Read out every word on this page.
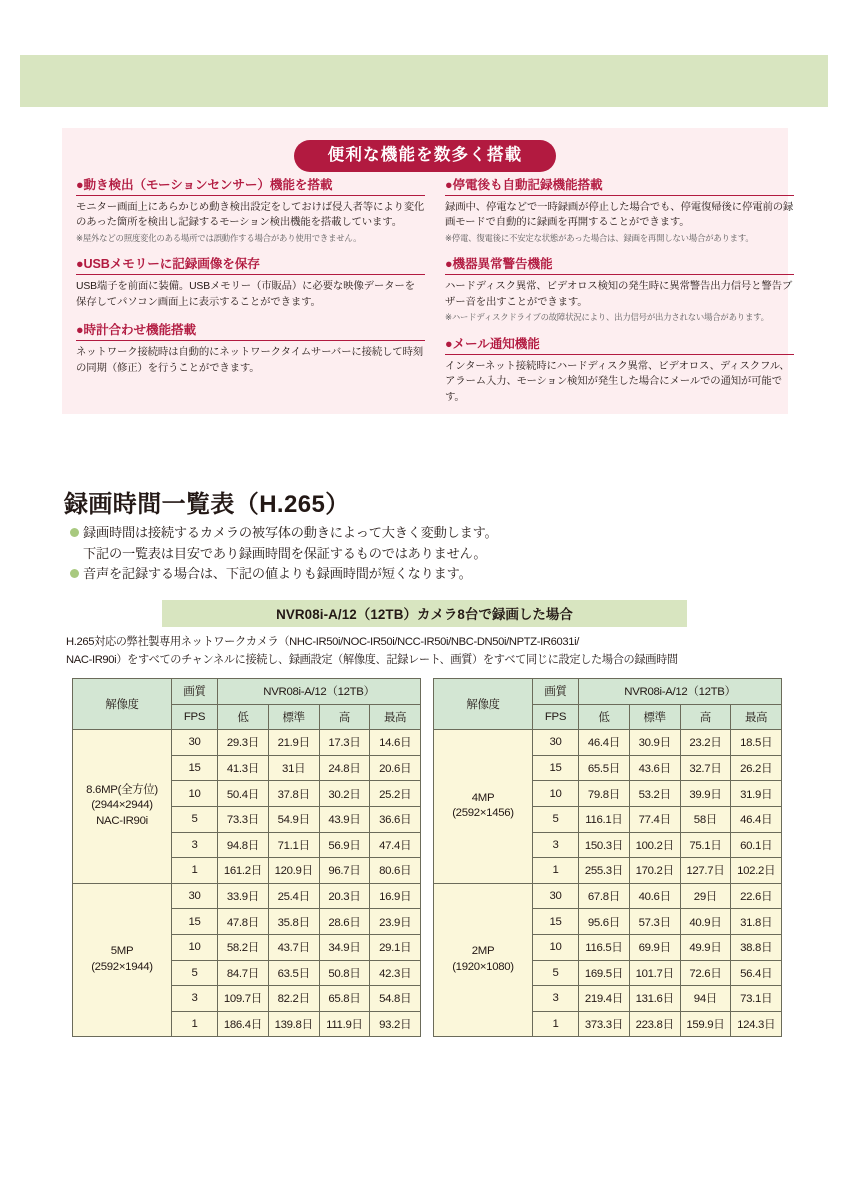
便利な機能を数多く搭載
●動き検出（モーションセンサー）機能を搭載
モニター画面上にあらかじめ動き検出設定をしておけば侵入者等により変化のあった箇所を検出し記録するモーション検出機能を搭載しています。
※屋外などの照度変化のある場所では誤動作する場合があり使用できません。
●USBメモリーに記録画像を保存
USB端子を前面に装備。USBメモリー（市販品）に必要な映像データーを保存してパソコン画面上に表示することができます。
●時計合わせ機能搭載
ネットワーク接続時は自動的にネットワークタイムサーバーに接続して時刻の同期（修正）を行うことができます。
●停電後も自動記録機能搭載
録画中、停電などで一時録画が停止した場合でも、停電復帰後に停電前の録画モードで自動的に録画を再開することができます。
※停電、復電後に不安定な状態があった場合は、録画を再開しない場合があります。
●機器異常警告機能
ハードディスク異常、ビデオロス検知の発生時に異常警告出力信号と警告ブザー音を出すことができます。
※ハードディスクドライブの故障状況により、出力信号が出力されない場合があります。
●メール通知機能
インターネット接続時にハードディスク異常、ビデオロス、ディスクフル、アラーム入力、モーション検知が発生した場合にメールでの通知が可能です。
録画時間一覧表（H.265）
録画時間は接続するカメラの被写体の動きによって大きく変動します。
下記の一覧表は目安であり録画時間を保証するものではありません。
音声を記録する場合は、下記の値よりも録画時間が短くなります。
NVR08i-A/12（12TB）カメラ8台で録画した場合
H.265対応の弊社製専用ネットワークカメラ（NHC-IR50i/NOC-IR50i/NCC-IR50i/NBC-DN50i/NPTZ-IR6031i/
NAC-IR90i）をすべてのチャンネルに接続し、録画設定（解像度、記録レート、画質）をすべて同じに設定した場合の録画時間
解像度	画質	NVR08i-A/12（12TB）			
	FPS	低	標準	高	最高

8.6MP(全方位)
(2944×2944)
NAC-IR90i	30	29.3日	21.9日	17.3日	14.6日
	15	41.3日	31日	24.8日	20.6日
	10	50.4日	37.8日	30.2日	25.2日
	5	73.3日	54.9日	43.9日	36.6日
	3	94.8日	71.1日	56.9日	47.4日
	1	161.2日	120.9日	96.7日	80.6日

5MP
(2592×1944)	30	33.9日	25.4日	20.3日	16.9日
	15	47.8日	35.8日	28.6日	23.9日
	10	58.2日	43.7日	34.9日	29.1日
	5	84.7日	63.5日	50.8日	42.3日
	3	109.7日	82.2日	65.8日	54.8日
	1	186.4日	139.8日	111.9日	93.2日
解像度	画質	NVR08i-A/12（12TB）			
	FPS	低	標準	高	最高

4MP
(2592×1456)	30	46.4日	30.9日	23.2日	18.5日
	15	65.5日	43.6日	32.7日	26.2日
	10	79.8日	53.2日	39.9日	31.9日
	5	116.1日	77.4日	58日	46.4日
	3	150.3日	100.2日	75.1日	60.1日
	1	255.3日	170.2日	127.7日	102.2日

2MP
(1920×1080)	30	67.8日	40.6日	29日	22.6日
	15	95.6日	57.3日	40.9日	31.8日
	10	116.5日	69.9日	49.9日	38.8日
	5	169.5日	101.7日	72.6日	56.4日
	3	219.4日	131.6日	94日	73.1日
	1	373.3日	223.8日	159.9日	124.3日
